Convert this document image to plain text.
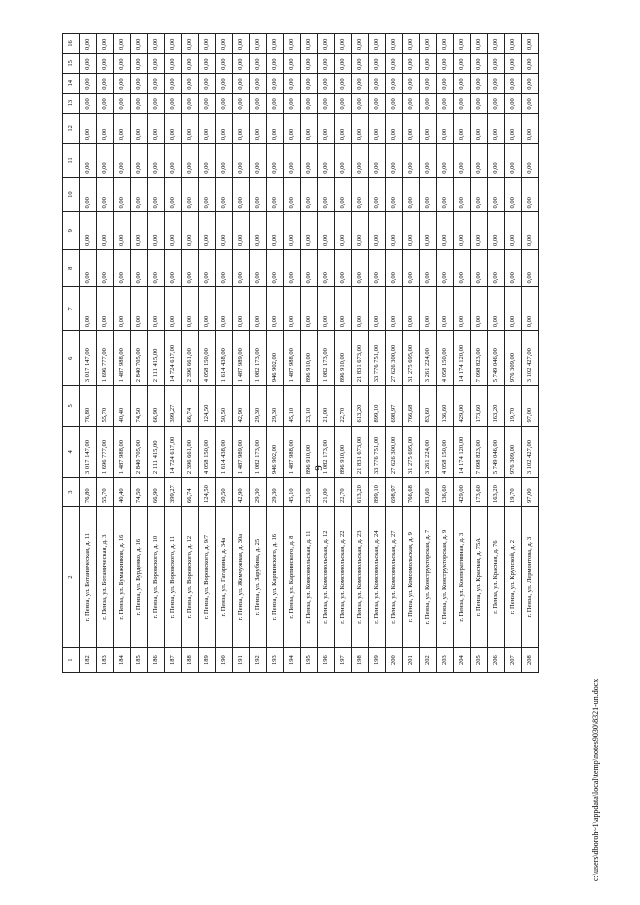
9
1	2	3	4	5	6	7	8	9	10	11	12	13	14	15	16
182	г. Пенза, ул. Ботаническая, д. 11	76,80	3 017 147,00	76,80	3 017 147,00	0,00	0,00	0,00	0,00	0,00	0,00	0,00	0,00	0,00	0,00
183	г. Пенза, ул. Ботаническая, д. 3	55,70	1 696 777,00	55,70	1 696 777,00	0,00	0,00	0,00	0,00	0,00	0,00	0,00	0,00	0,00	0,00
184	г. Пенза, ул. Бумажников, д. 16	40,40	1 487 988,00	40,40	1 487 988,00	0,00	0,00	0,00	0,00	0,00	0,00	0,00	0,00	0,00	0,00
185	г. Пенза, ул. Бурденко, д. 16	74,50	2 840 705,00	74,50	2 840 705,00	0,00	0,00	0,00	0,00	0,00	0,00	0,00	0,00	0,00	0,00
186	г. Пенза, ул. Воровского, д. 10	66,90	2 111 415,00	66,90	2 111 415,00	0,00	0,00	0,00	0,00	0,00	0,00	0,00	0,00	0,00	0,00
187	г. Пенза, ул. Воровского, д. 11	399,27	14 724 617,00	399,27	14 724 617,00	0,00	0,00	0,00	0,00	0,00	0,00	0,00	0,00	0,00	0,00
188	г. Пенза, ул. Воровского, д. 12	66,74	2 396 661,00	66,74	2 396 661,00	0,00	0,00	0,00	0,00	0,00	0,00	0,00	0,00	0,00	0,00
189	г. Пенза, ул. Воровского, д. 9/7	124,50	4 058 150,00	124,50	4 058 150,00	0,00	0,00	0,00	0,00	0,00	0,00	0,00	0,00	0,00	0,00
190	г. Пенза, ул. Гагарина, д. 34а	50,50	1 614 438,00	50,50	1 614 438,00	0,00	0,00	0,00	0,00	0,00	0,00	0,00	0,00	0,00	0,00
191	г. Пенза, ул. Жемчужная, д. 30а	42,90	1 487 989,00	42,90	1 487 989,00	0,00	0,00	0,00	0,00	0,00	0,00	0,00	0,00	0,00	0,00
192	г. Пенза, ул. Зарубина, д. 25	29,30	1 082 173,00	29,30	1 082 173,00	0,00	0,00	0,00	0,00	0,00	0,00	0,00	0,00	0,00	0,00
193	г. Пенза, ул. Карпинского, д. 16	29,30	946 902,00	29,30	946 902,00	0,00	0,00	0,00	0,00	0,00	0,00	0,00	0,00	0,00	0,00
194	г. Пенза, ул. Карпинского, д. 8	45,10	1 487 988,00	45,10	1 487 988,00	0,00	0,00	0,00	0,00	0,00	0,00	0,00	0,00	0,00	0,00
195	г. Пенза, ул. Комсомольская, д. 11	23,10	896 910,00	23,10	896 910,00	0,00	0,00	0,00	0,00	0,00	0,00	0,00	0,00	0,00	0,00
196	г. Пенза, ул. Комсомольская, д. 12	21,00	1 082 173,00	21,00	1 082 173,00	0,00	0,00	0,00	0,00	0,00	0,00	0,00	0,00	0,00	0,00
197	г. Пенза, ул. Комсомольская, д. 22	22,70	896 910,00	22,70	896 910,00	0,00	0,00	0,00	0,00	0,00	0,00	0,00	0,00	0,00	0,00
198	г. Пенза, ул. Комсомольская, д. 23	613,20	21 831 673,00	613,20	21 831 673,00	0,00	0,00	0,00	0,00	0,00	0,00	0,00	0,00	0,00	0,00
199	г. Пенза, ул. Комсомольская, д. 24	899,10	33 776 751,00	899,10	33 776 751,00	0,00	0,00	0,00	0,00	0,00	0,00	0,00	0,00	0,00	0,00
200	г. Пенза, ул. Комсомольская, д. 27	698,97	27 626 300,00	698,97	27 626 300,00	0,00	0,00	0,00	0,00	0,00	0,00	0,00	0,00	0,00	0,00
201	г. Пенза, ул. Комсомольская, д. 9	766,68	31 275 695,00	766,68	31 275 695,00	0,00	0,00	0,00	0,00	0,00	0,00	0,00	0,00	0,00	0,00
202	г. Пенза, ул. Конструкторская, д. 7	83,60	3 261 224,00	83,60	3 261 224,00	0,00	0,00	0,00	0,00	0,00	0,00	0,00	0,00	0,00	0,00
203	г. Пенза, ул. Конструкторская, д. 9	136,60	4 058 150,00	136,60	4 058 150,00	0,00	0,00	0,00	0,00	0,00	0,00	0,00	0,00	0,00	0,00
204	г. Пенза, ул. Кооперативная, д. 3	429,00	14 174 120,00	429,00	14 174 120,00	0,00	0,00	0,00	0,00	0,00	0,00	0,00	0,00	0,00	0,00
205	г. Пенза, ул. Красная, д. 75А	173,60	7 098 823,00	173,60	7 098 823,00	0,00	0,00	0,00	0,00	0,00	0,00	0,00	0,00	0,00	0,00
206	г. Пенза, ул. Красная, д. 76	163,20	5 749 046,00	163,20	5 749 046,00	0,00	0,00	0,00	0,00	0,00	0,00	0,00	0,00	0,00	0,00
207	г. Пенза, ул. Крупской, д. 2	19,70	976 309,00	19,70	976 309,00	0,00	0,00	0,00	0,00	0,00	0,00	0,00	0,00	0,00	0,00
208	г. Пенза, ул. Лермонтова, д. 3	97,00	3 102 427,00	97,00	3 102 427,00	0,00	0,00	0,00	0,00	0,00	0,00	0,00	0,00	0,00	0,00
c:\users\dboroh~1\appdata\local\temp\notes9030\8321-un.docx
